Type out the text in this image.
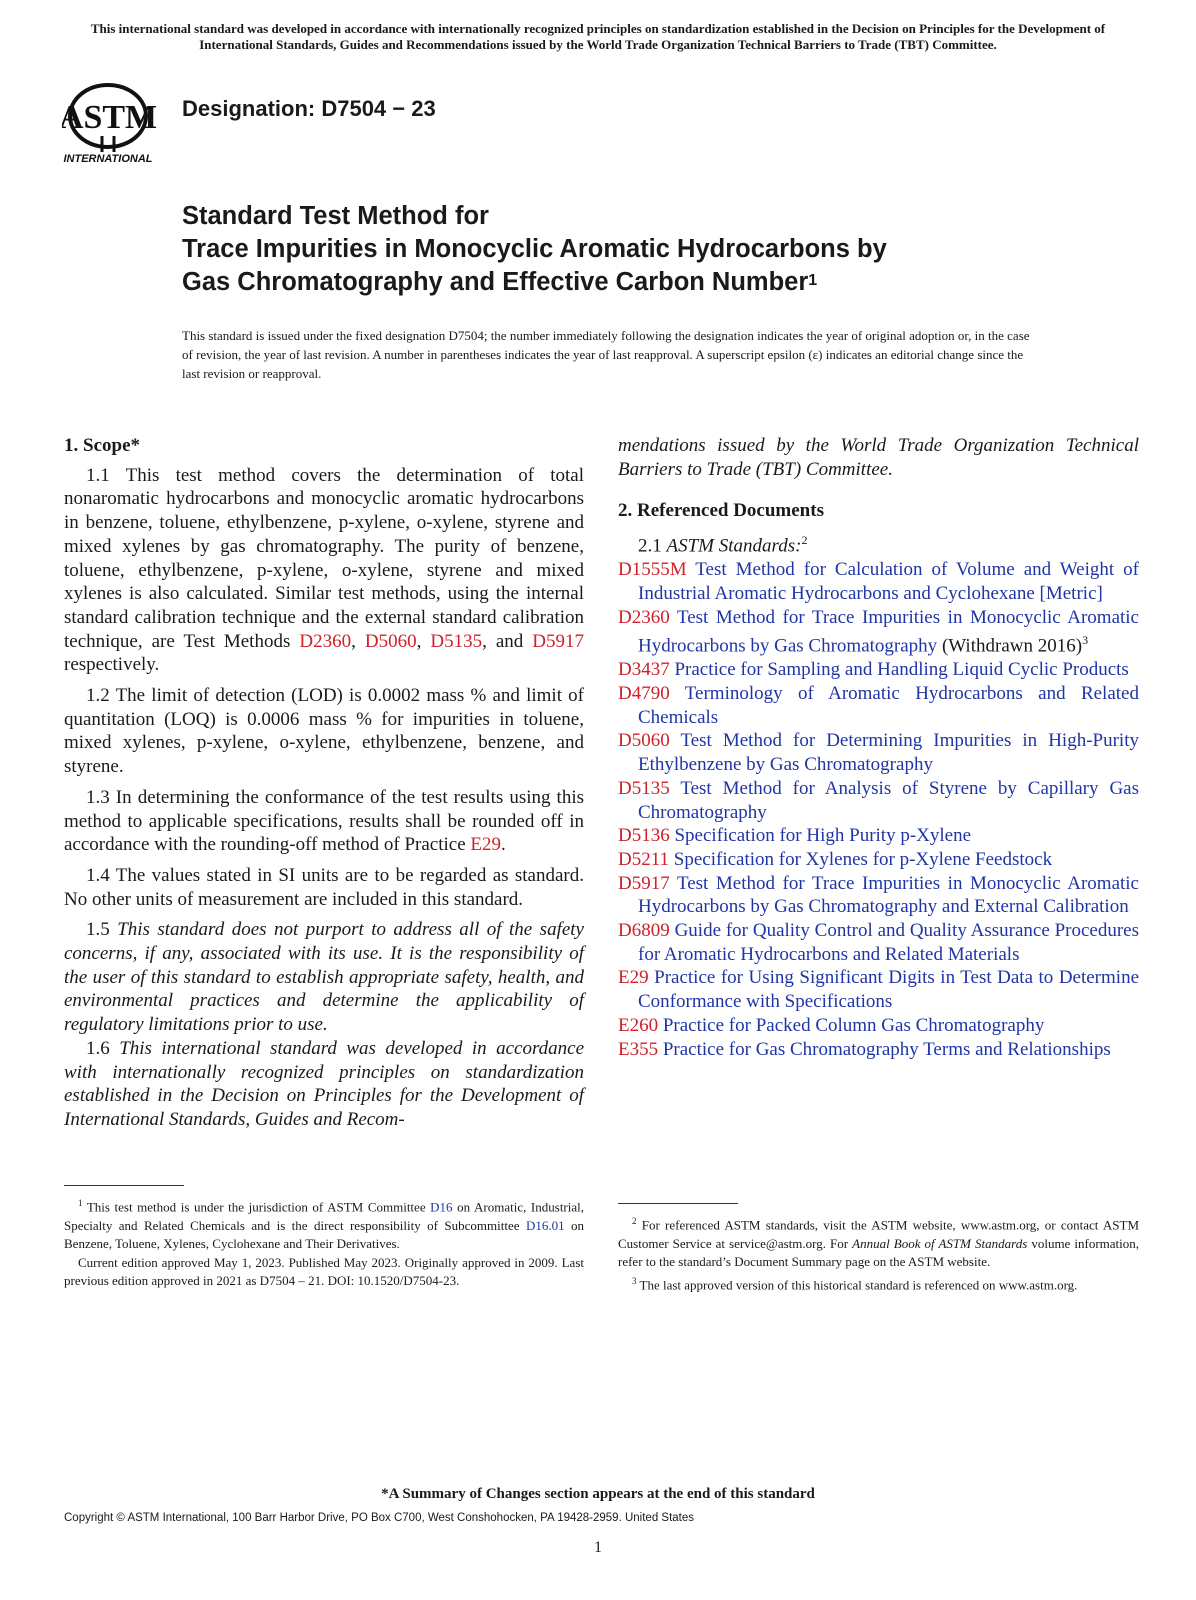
This international standard was developed in accordance with internationally recognized principles on standardization established in the Decision on Principles for the Development of International Standards, Guides and Recommendations issued by the World Trade Organization Technical Barriers to Trade (TBT) Committee.
ASTM
INTERNATIONAL
Designation: D7504 − 23
Standard Test Method for
Trace Impurities in Monocyclic Aromatic Hydrocarbons by
Gas Chromatography and Effective Carbon Number$^1$
This standard is issued under the fixed designation D7504; the number immediately following the designation indicates the year of original adoption or, in the case of revision, the year of last revision. A number in parentheses indicates the year of last reapproval. A superscript epsilon (ε) indicates an editorial change since the last revision or reapproval.
1. Scope*

1.1 This test method covers the determination of total nonaromatic hydrocarbons and monocyclic aromatic hydrocarbons in benzene, toluene, ethylbenzene, p-xylene, o-xylene, styrene and mixed xylenes by gas chromatography. The purity of benzene, toluene, ethylbenzene, p-xylene, o-xylene, styrene and mixed xylenes is also calculated. Similar test methods, using the internal standard calibration technique and the external standard calibration technique, are Test Methods D2360, D5060, D5135, and D5917 respectively.

1.2 The limit of detection (LOD) is 0.0002 mass % and limit of quantitation (LOQ) is 0.0006 mass % for impurities in toluene, mixed xylenes, p-xylene, o-xylene, ethylbenzene, benzene, and styrene.

1.3 In determining the conformance of the test results using this method to applicable specifications, results shall be rounded off in accordance with the rounding-off method of Practice E29.

1.4 The values stated in SI units are to be regarded as standard. No other units of measurement are included in this standard.

1.5 This standard does not purport to address all of the safety concerns, if any, associated with its use. It is the responsibility of the user of this standard to establish appropriate safety, health, and environmental practices and determine the applicability of regulatory limitations prior to use.

1.6 This international standard was developed in accordance with internationally recognized principles on standardization established in the Decision on Principles for the Development of International Standards, Guides and Recom-

mendations issued by the World Trade Organization Technical Barriers to Trade (TBT) Committee.

2. Referenced Documents
2.1 ASTM Standards:$^2$
D1555M Test Method for Calculation of Volume and Weight of Industrial Aromatic Hydrocarbons and Cyclohexane [Metric]
D2360 Test Method for Trace Impurities in Monocyclic Aromatic Hydrocarbons by Gas Chromatography (Withdrawn 2016)$^3$
D3437 Practice for Sampling and Handling Liquid Cyclic Products
D4790 Terminology of Aromatic Hydrocarbons and Related Chemicals
D5060 Test Method for Determining Impurities in High-Purity Ethylbenzene by Gas Chromatography
D5135 Test Method for Analysis of Styrene by Capillary Gas Chromatography
D5136 Specification for High Purity p-Xylene
D5211 Specification for Xylenes for p-Xylene Feedstock
D5917 Test Method for Trace Impurities in Monocyclic Aromatic Hydrocarbons by Gas Chromatography and External Calibration
D6809 Guide for Quality Control and Quality Assurance Procedures for Aromatic Hydrocarbons and Related Materials
E29 Practice for Using Significant Digits in Test Data to Determine Conformance with Specifications
E260 Practice for Packed Column Gas Chromatography
E355 Practice for Gas Chromatography Terms and Relationships

$^1$ This test method is under the jurisdiction of ASTM Committee D16 on Aromatic, Industrial, Specialty and Related Chemicals and is the direct responsibility of Subcommittee D16.01 on Benzene, Toluene, Xylenes, Cyclohexane and Their Derivatives.

Current edition approved May 1, 2023. Published May 2023. Originally approved in 2009. Last previous edition approved in 2021 as D7504 – 21. DOI: 10.1520/D7504-23.

$^2$ For referenced ASTM standards, visit the ASTM website, www.astm.org, or contact ASTM Customer Service at service@astm.org. For Annual Book of ASTM Standards volume information, refer to the standard’s Document Summary page on the ASTM website.

$^3$ The last approved version of this historical standard is referenced on www.astm.org.

*A Summary of Changes section appears at the end of this standard
Copyright © ASTM International, 100 Barr Harbor Drive, PO Box C700, West Conshohocken, PA 19428-2959. United States
1
